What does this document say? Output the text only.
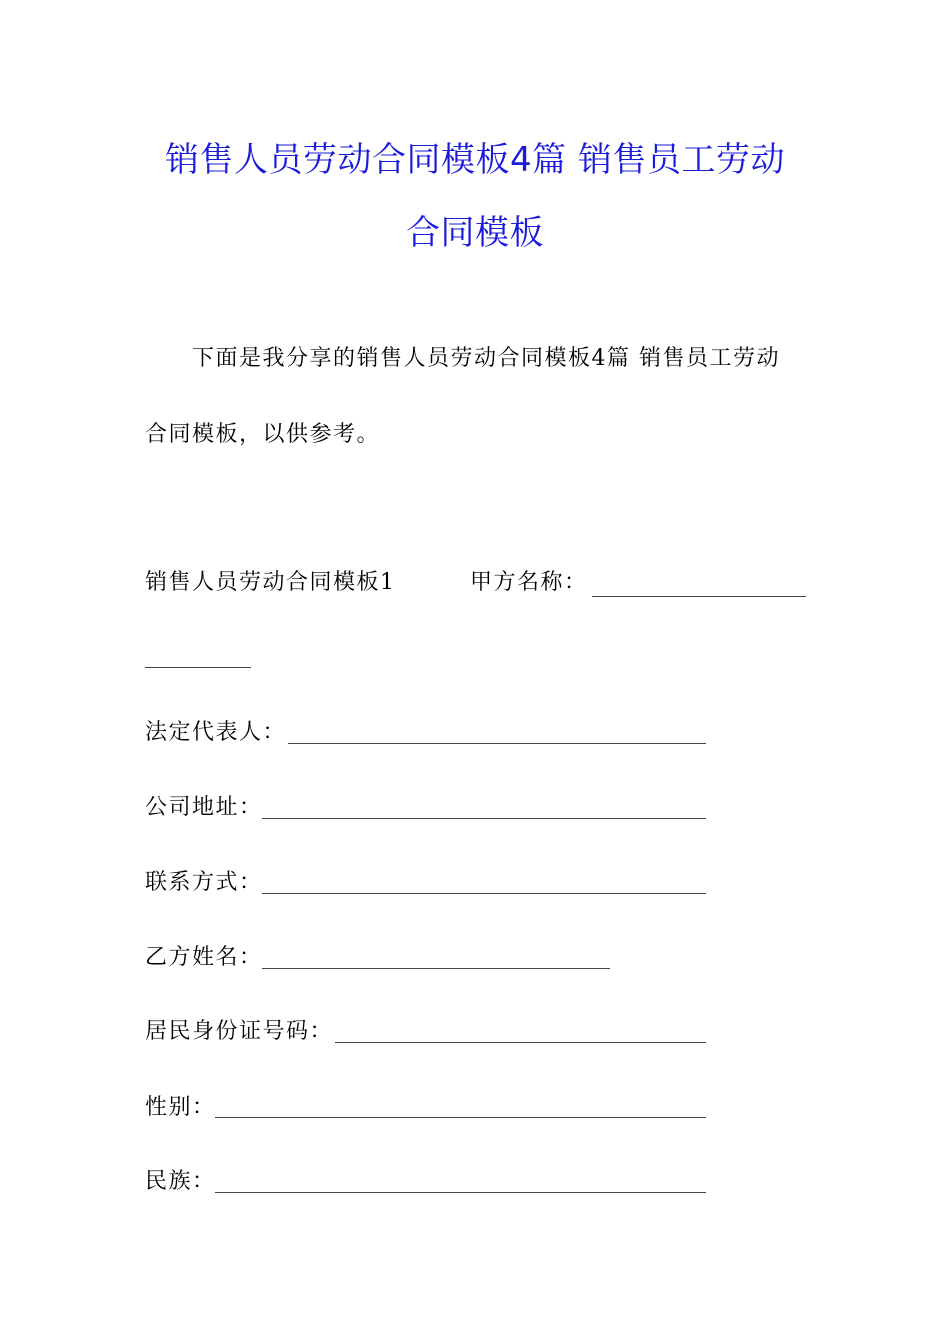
销售人员劳动合同模板4篇 销售员工劳动
合同模板
下面是我分享的销售人员劳动合同模板4篇 销售员工劳动
合同模板，以供参考。
销售人员劳动合同模板1	甲方名称：
法定代表人：
公司地址：
联系方式：
乙方姓名：
居民身份证号码：
性别：
民族：
